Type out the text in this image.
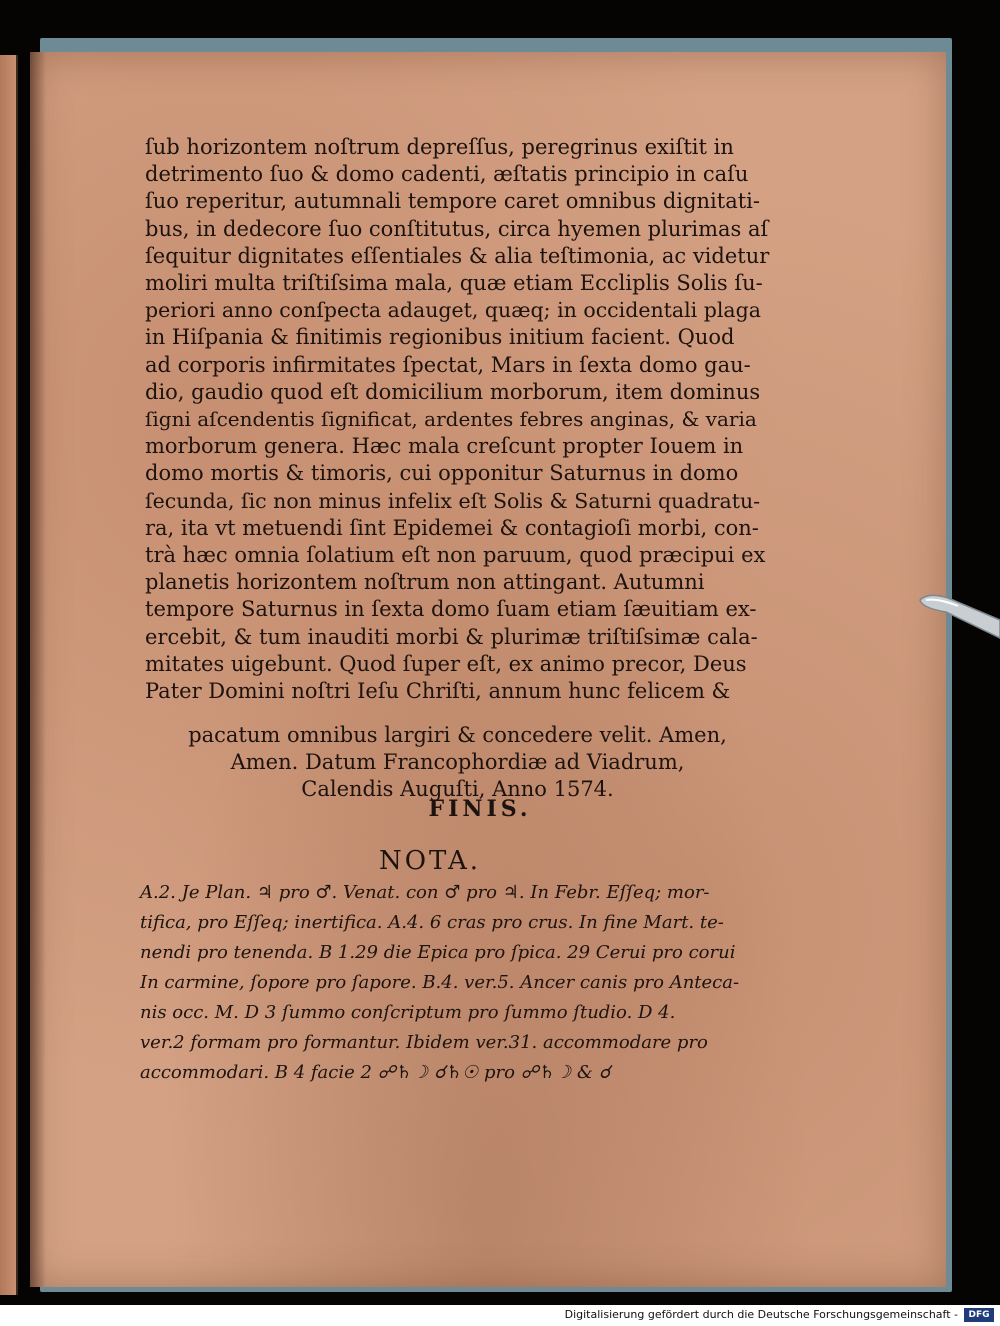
ſub horizontem noſtrum depreſſus, peregrinus exiſtit in
detrimento ſuo & domo cadenti, æſtatis principio in caſu
ſuo reperitur, autumnali tempore caret omnibus dignitati-
bus, in dedecore ſuo conſtitutus, circa hyemen plurimas aſ
ſequitur dignitates eſſentiales & alia teſtimonia, ac videtur
moliri multa triſtiſsima mala, quæ etiam Eccliplis Solis ſu-
periori anno conſpecta adauget, quæq; in occidentali plaga
in Hiſpania & finitimis regionibus initium facient. Quod
ad corporis infirmitates ſpectat, Mars in ſexta domo gau-
dio, gaudio quod eſt domicilium morborum, item dominus
ſigni aſcendentis ſignificat, ardentes febres anginas, & varia
morborum genera. Hæc mala creſcunt propter Iouem in
domo mortis & timoris, cui opponitur Saturnus in domo
ſecunda, ſic non minus infelix eſt Solis & Saturni quadratu-
ra, ita vt metuendi ſint Epidemei & contagioſi morbi, con-
trà hæc omnia ſolatium eſt non paruum, quod præcipui ex
planetis horizontem noſtrum non attingant. Autumni
tempore Saturnus in ſexta domo ſuam etiam ſæuitiam ex-
ercebit, & tum inauditi morbi & plurimæ triſtiſsimæ cala-
mitates uigebunt. Quod ſuper eſt, ex animo precor, Deus
Pater Domini noſtri Ieſu Chriſti, annum hunc felicem &
pacatum omnibus largiri & concedere velit. Amen,
Amen. Datum Francophordiæ ad Viadrum,
Calendis Auguſti, Anno 1574.
FINIS.
NOTA.
A.2. Je Plan. ♃ pro ♂. Venat. con ♂ pro ♃. In Febr. Eſſeq; mor-
tifica, pro Eſſeq; inertifica. A.4. 6 cras pro crus. In fine Mart. te-
nendi pro tenenda. B 1.29 die Epica pro ſpica. 29 Cerui pro corui
In carmine, ſopore pro ſapore. B.4. ver.5. Ancer canis pro Anteca-
nis occ. M. D 3 ſummo conſcriptum pro ſummo ſtudio. D 4.
ver.2 formam pro formantur. Ibidem ver.31. accommodare pro
accommodari. B 4 facie 2 ☍♄☽ ☌♄☉ pro ☍♄☽ & ☌
Digitalisierung gefördert durch die Deutsche Forschungsgemeinschaft -	DFG
